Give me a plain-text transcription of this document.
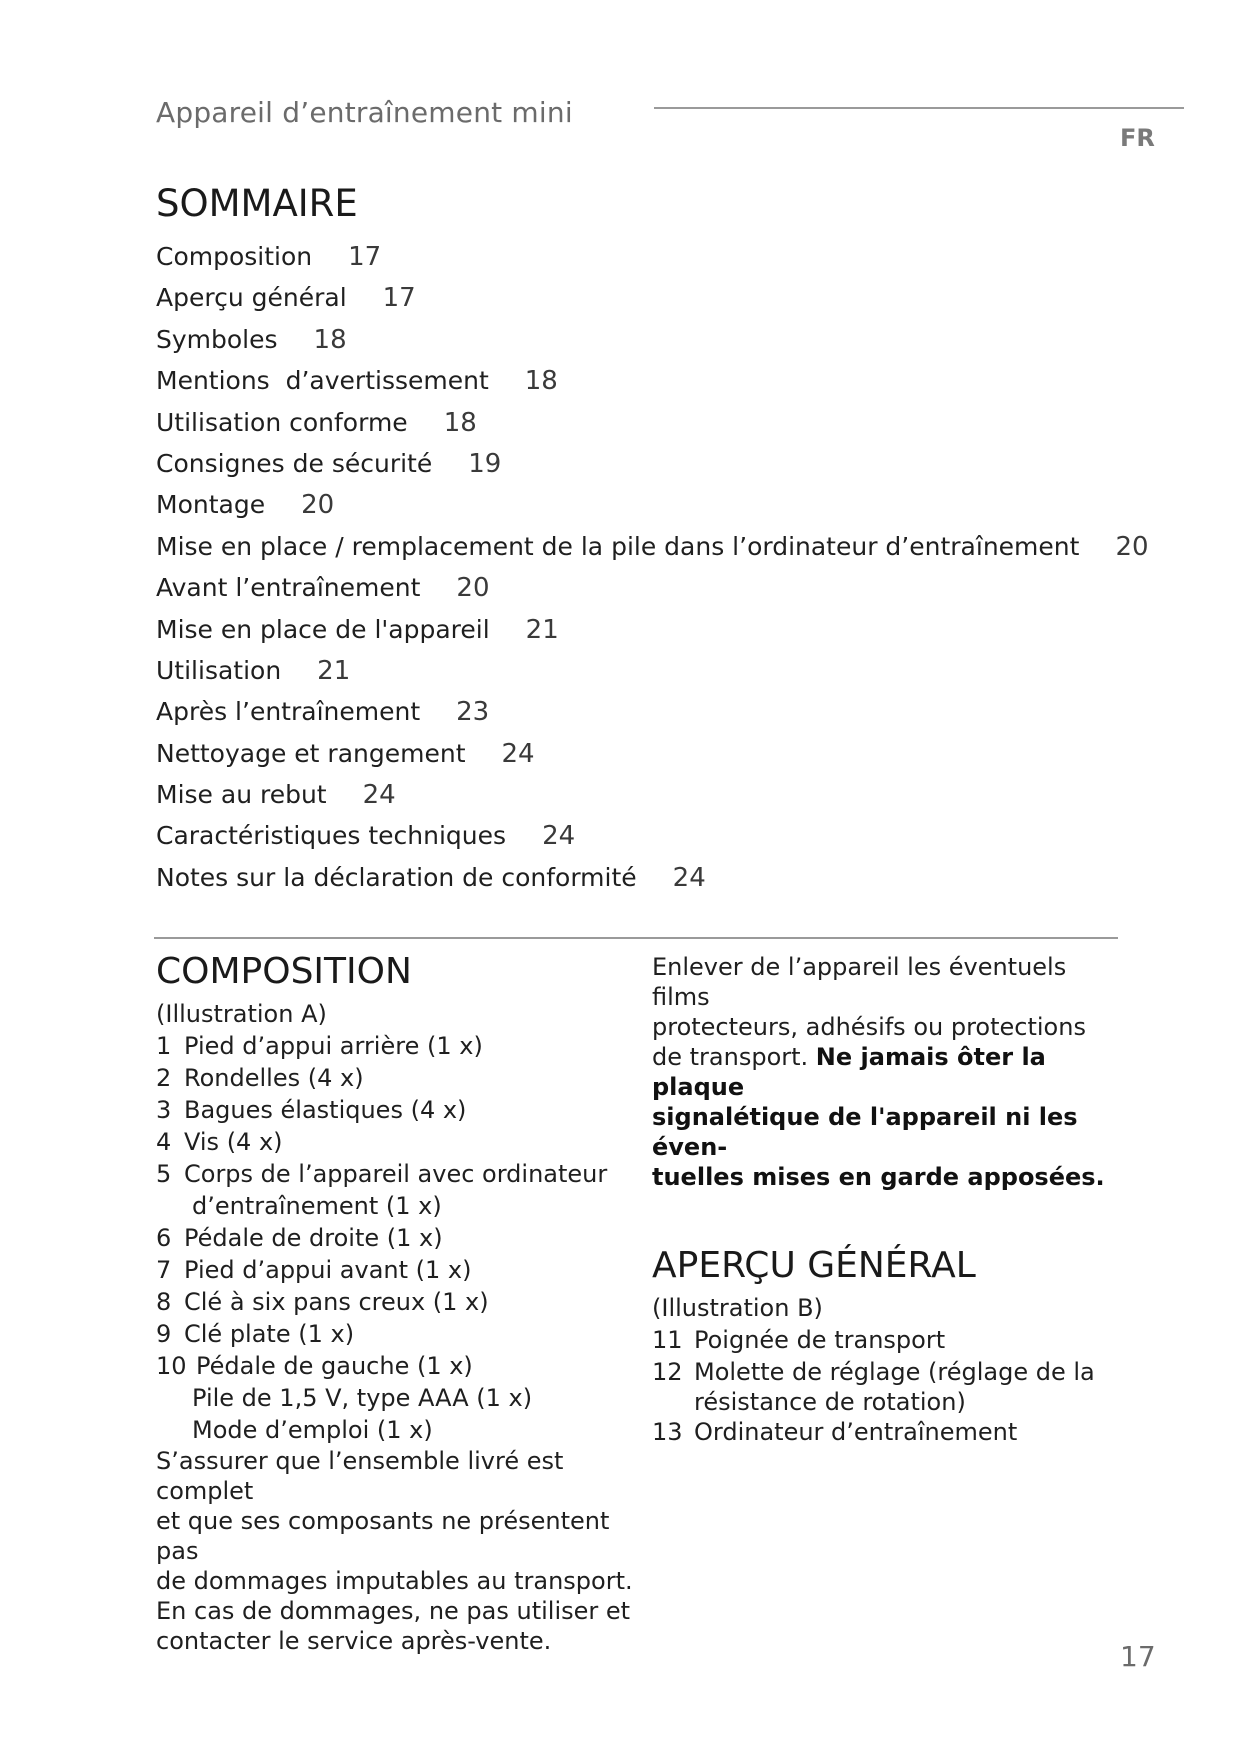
Appareil d’entraînement mini
FR
SOMMAIRE
Composition 17
Aperçu général 17
Symboles 18
Mentions  d’avertissement 18
Utilisation conforme 18
Consignes de sécurité 19
Montage 20
Mise en place / remplacement de la pile dans l’ordinateur d’entraînement 20
Avant l’entraînement 20
Mise en place de l'appareil 21
Utilisation 21
Après l’entraînement 23
Nettoyage et rangement 24
Mise au rebut 24
Caractéristiques techniques 24
Notes sur la déclaration de conformité 24
COMPOSITION
(Illustration A)
1 Pied d’appui arrière (1 x)
2 Rondelles (4 x)
3 Bagues élastiques (4 x)
4 Vis (4 x)
5 Corps de l’appareil avec ordinateur
d’entraînement (1 x)
6 Pédale de droite (1 x)
7 Pied d’appui avant (1 x)
8 Clé à six pans creux (1 x)
9 Clé plate (1 x)
10 Pédale de gauche (1 x)
Pile de 1,5 V, type AAA (1 x)
Mode d’emploi (1 x)

S’assurer que l’ensemble livré est complet
et que ses composants ne présentent pas
de dommages imputables au transport.
En cas de dommages, ne pas utiliser et
contacter le service après-vente.

Enlever de l’appareil les éventuels films
protecteurs, adhésifs ou protections
de transport. Ne jamais ôter la plaque
signalétique de l'appareil ni les éven-
tuelles mises en garde apposées.

APERÇU GÉNÉRAL
(Illustration B)
11 Poignée de transport
12 Molette de réglage (réglage de la
résistance de rotation)
13 Ordinateur d’entraînement
17
